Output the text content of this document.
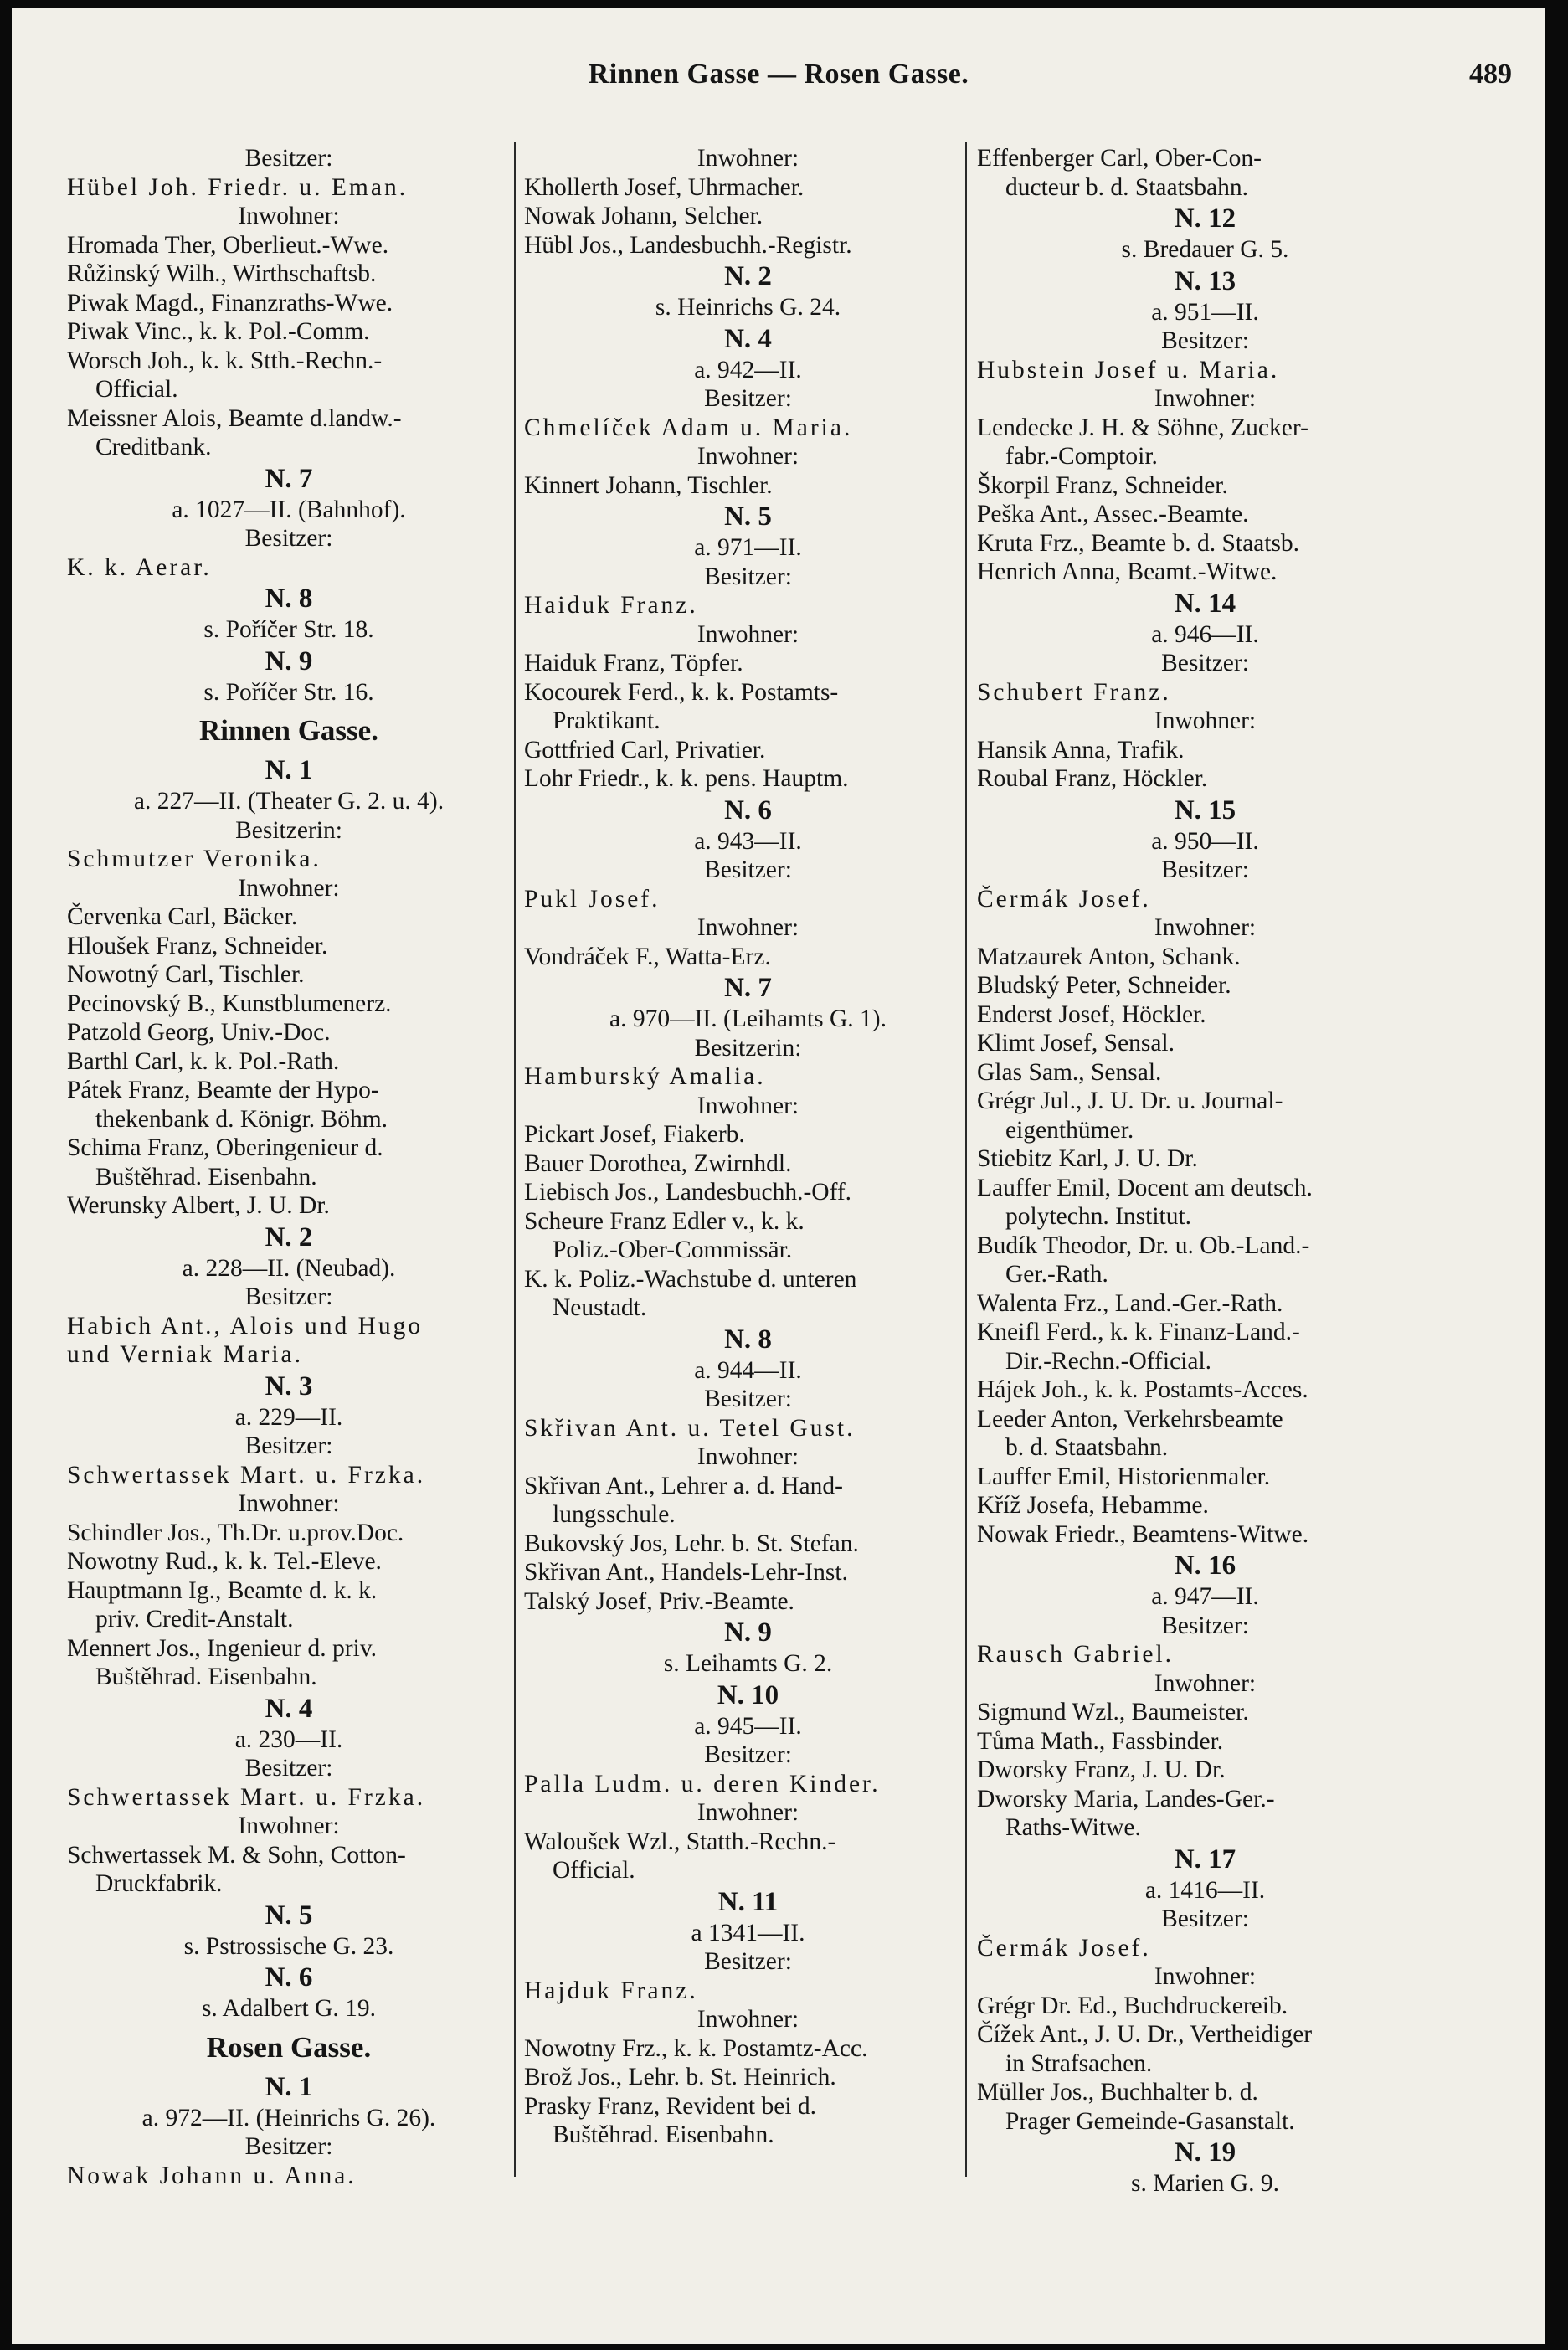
Rinnen Gasse — Rosen Gasse.	489

Besitzer:

Hübel Joh. Friedr. u. Eman.

Inwohner:

Hromada Ther, Oberlieut.-Wwe.

Růžinský Wilh., Wirthschaftsb.

Piwak Magd., Finanzraths-Wwe.

Piwak Vinc., k. k. Pol.-Comm.

Worsch Joh., k. k. Stth.-Rechn.-

Official.

Meissner Alois, Beamte d.landw.-

Creditbank.

N. 7

a. 1027—II. (Bahnhof).

Besitzer:

K. k. Aerar.

N. 8

s. Poříčer Str. 18.

N. 9

s. Poříčer Str. 16.

Rinnen Gasse.

N. 1

a. 227—II. (Theater G. 2. u. 4).

Besitzerin:

Schmutzer Veronika.

Inwohner:

Červenka Carl, Bäcker.

Hloušek Franz, Schneider.

Nowotný Carl, Tischler.

Pecinovský B., Kunstblumenerz.

Patzold Georg, Univ.-Doc.

Barthl Carl, k. k. Pol.-Rath.

Pátek Franz, Beamte der Hypo-

thekenbank d. Königr. Böhm.

Schima Franz, Oberingenieur d.

Buštěhrad. Eisenbahn.

Werunsky Albert, J. U. Dr.

N. 2

a. 228—II. (Neubad).

Besitzer:

Habich Ant., Alois und Hugo

und Verniak Maria.

N. 3

a. 229—II.

Besitzer:

Schwertassek Mart. u. Frzka.

Inwohner:

Schindler Jos., Th.Dr. u.prov.Doc.

Nowotny Rud., k. k. Tel.-Eleve.

Hauptmann Ig., Beamte d. k. k.

priv. Credit-Anstalt.

Mennert Jos., Ingenieur d. priv.

Buštěhrad. Eisenbahn.

N. 4

a. 230—II.

Besitzer:

Schwertassek Mart. u. Frzka.

Inwohner:

Schwertassek M. & Sohn, Cotton-

Druckfabrik.

N. 5

s. Pstrossische G. 23.

N. 6

s. Adalbert G. 19.

Rosen Gasse.

N. 1

a. 972—II. (Heinrichs G. 26).

Besitzer:

Nowak Johann u. Anna.

Inwohner:

Khollerth Josef, Uhrmacher.

Nowak Johann, Selcher.

Hübl Jos., Landesbuchh.-Registr.

N. 2

s. Heinrichs G. 24.

N. 4

a. 942—II.

Besitzer:

Chmelíček Adam u. Maria.

Inwohner:

Kinnert Johann, Tischler.

N. 5

a. 971—II.

Besitzer:

Haiduk Franz.

Inwohner:

Haiduk Franz, Töpfer.

Kocourek Ferd., k. k. Postamts-

Praktikant.

Gottfried Carl, Privatier.

Lohr Friedr., k. k. pens. Hauptm.

N. 6

a. 943—II.

Besitzer:

Pukl Josef.

Inwohner:

Vondráček F., Watta-Erz.

N. 7

a. 970—II. (Leihamts G. 1).

Besitzerin:

Hamburský Amalia.

Inwohner:

Pickart Josef, Fiakerb.

Bauer Dorothea, Zwirnhdl.

Liebisch Jos., Landesbuchh.-Off.

Scheure Franz Edler v., k. k.

Poliz.-Ober-Commissär.

K. k. Poliz.-Wachstube d. unteren

Neustadt.

N. 8

a. 944—II.

Besitzer:

Skřivan Ant. u. Tetel Gust.

Inwohner:

Skřivan Ant., Lehrer a. d. Hand-

lungsschule.

Bukovský Jos, Lehr. b. St. Stefan.

Skřivan Ant., Handels-Lehr-Inst.

Talský Josef, Priv.-Beamte.

N. 9

s. Leihamts G. 2.

N. 10

a. 945—II.

Besitzer:

Palla Ludm. u. deren Kinder.

Inwohner:

Waloušek Wzl., Statth.-Rechn.-

Official.

N. 11

a 1341—II.

Besitzer:

Hajduk Franz.

Inwohner:

Nowotny Frz., k. k. Postamtz-Acc.

Brož Jos., Lehr. b. St. Heinrich.

Prasky Franz, Revident bei d.

Buštěhrad. Eisenbahn.

Effenberger Carl, Ober-Con-

ducteur b. d. Staatsbahn.

N. 12

s. Bredauer G. 5.

N. 13

a. 951—II.

Besitzer:

Hubstein Josef u. Maria.

Inwohner:

Lendecke J. H. & Söhne, Zucker-

fabr.-Comptoir.

Škorpil Franz, Schneider.

Peška Ant., Assec.-Beamte.

Kruta Frz., Beamte b. d. Staatsb.

Henrich Anna, Beamt.-Witwe.

N. 14

a. 946—II.

Besitzer:

Schubert Franz.

Inwohner:

Hansik Anna, Trafik.

Roubal Franz, Höckler.

N. 15

a. 950—II.

Besitzer:

Čermák Josef.

Inwohner:

Matzaurek Anton, Schank.

Bludský Peter, Schneider.

Enderst Josef, Höckler.

Klimt Josef, Sensal.

Glas Sam., Sensal.

Grégr Jul., J. U. Dr. u. Journal-

eigenthümer.

Stiebitz Karl, J. U. Dr.

Lauffer Emil, Docent am deutsch.

polytechn. Institut.

Budík Theodor, Dr. u. Ob.-Land.-

Ger.-Rath.

Walenta Frz., Land.-Ger.-Rath.

Kneifl Ferd., k. k. Finanz-Land.-

Dir.-Rechn.-Official.

Hájek Joh., k. k. Postamts-Acces.

Leeder Anton, Verkehrsbeamte

b. d. Staatsbahn.

Lauffer Emil, Historienmaler.

Kříž Josefa, Hebamme.

Nowak Friedr., Beamtens-Witwe.

N. 16

a. 947—II.

Besitzer:

Rausch Gabriel.

Inwohner:

Sigmund Wzl., Baumeister.

Tůma Math., Fassbinder.

Dworsky Franz, J. U. Dr.

Dworsky Maria, Landes-Ger.-

Raths-Witwe.

N. 17

a. 1416—II.

Besitzer:

Čermák Josef.

Inwohner:

Grégr Dr. Ed., Buchdruckereib.

Čížek Ant., J. U. Dr., Vertheidiger

in Strafsachen.

Müller Jos., Buchhalter b. d.

Prager Gemeinde-Gasanstalt.

N. 19

s. Marien G. 9.
